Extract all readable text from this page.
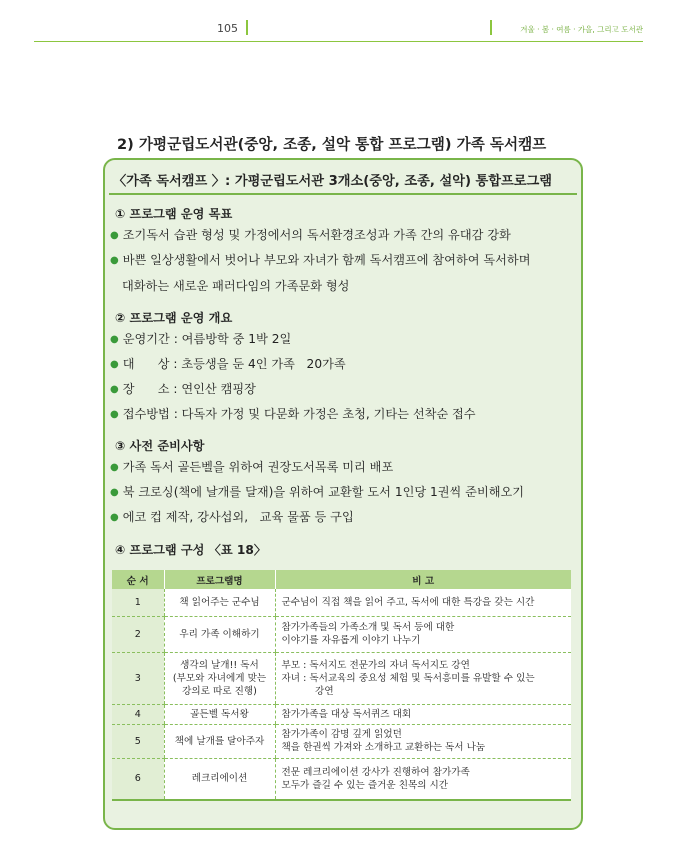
105	겨울 · 봄 · 여름 · 가을, 그리고 도서관
2) 가평군립도서관(중앙, 조종, 설악 통합 프로그램) 가족 독서캠프
〈가족 독서캠프 〉: 가평군립도서관 3개소(중앙, 조종, 설악) 통합프로그램
① 프로그램 운영 목표
● 조기독서 습관 형성 및 가정에서의 독서환경조성과 가족 간의 유대감 강화
● 바쁜 일상생활에서 벗어나 부모와 자녀가 함께 독서캠프에 참여하여 독서하며
대화하는 새로운 패러다임의 가족문화 형성
② 프로그램 운영 개요
● 운영기간 : 여름방학 중 1박 2일
● 대      상 : 초등생을 둔 4인 가족   20가족
● 장      소 : 연인산 캠핑장
● 접수방법 : 다독자 가정 및 다문화 가정은 초청, 기타는 선착순 접수
③ 사전 준비사항
● 가족 독서 골든벨을 위하여 권장도서목록 미리 배포
● 북 크로싱(책에 날개를 달재)을 위하여 교환할 도서 1인당 1권씩 준비해오기
● 에코 컵 제작, 강사섭외,   교육 물품 등 구입
④ 프로그램 구성 〈표 18〉
순 서	프로그램명	비 고
1	책 읽어주는 군수님	군수님이 직접 책을 읽어 주고, 독서에 대한 특강을 갖는 시간
2	우리 가족 이해하기	참가가족들의 가족소개 및 독서 등에 대한
이야기를 자유롭게 이야기 나누기
3	생각의 날개!! 독서
(부모와 자녀에게 맞는
강의로 따로 진행)	부모 : 독서지도 전문가의 자녀 독서지도 강연
자녀 : 독서교육의 중요성 체험 및 독서흥미를 유발할 수 있는
강연
4	골든벨 독서왕	참가가족을 대상 독서퀴즈 대회
5	책에 날개를 달아주자	참가가족이 감명 깊게 읽었던
책을 한권씩 가져와 소개하고 교환하는 독서 나눔
6	레크리에이션	전문 레크리에이션 강사가 진행하여 참가가족
모두가 즐길 수 있는 즐거운 친목의 시간
